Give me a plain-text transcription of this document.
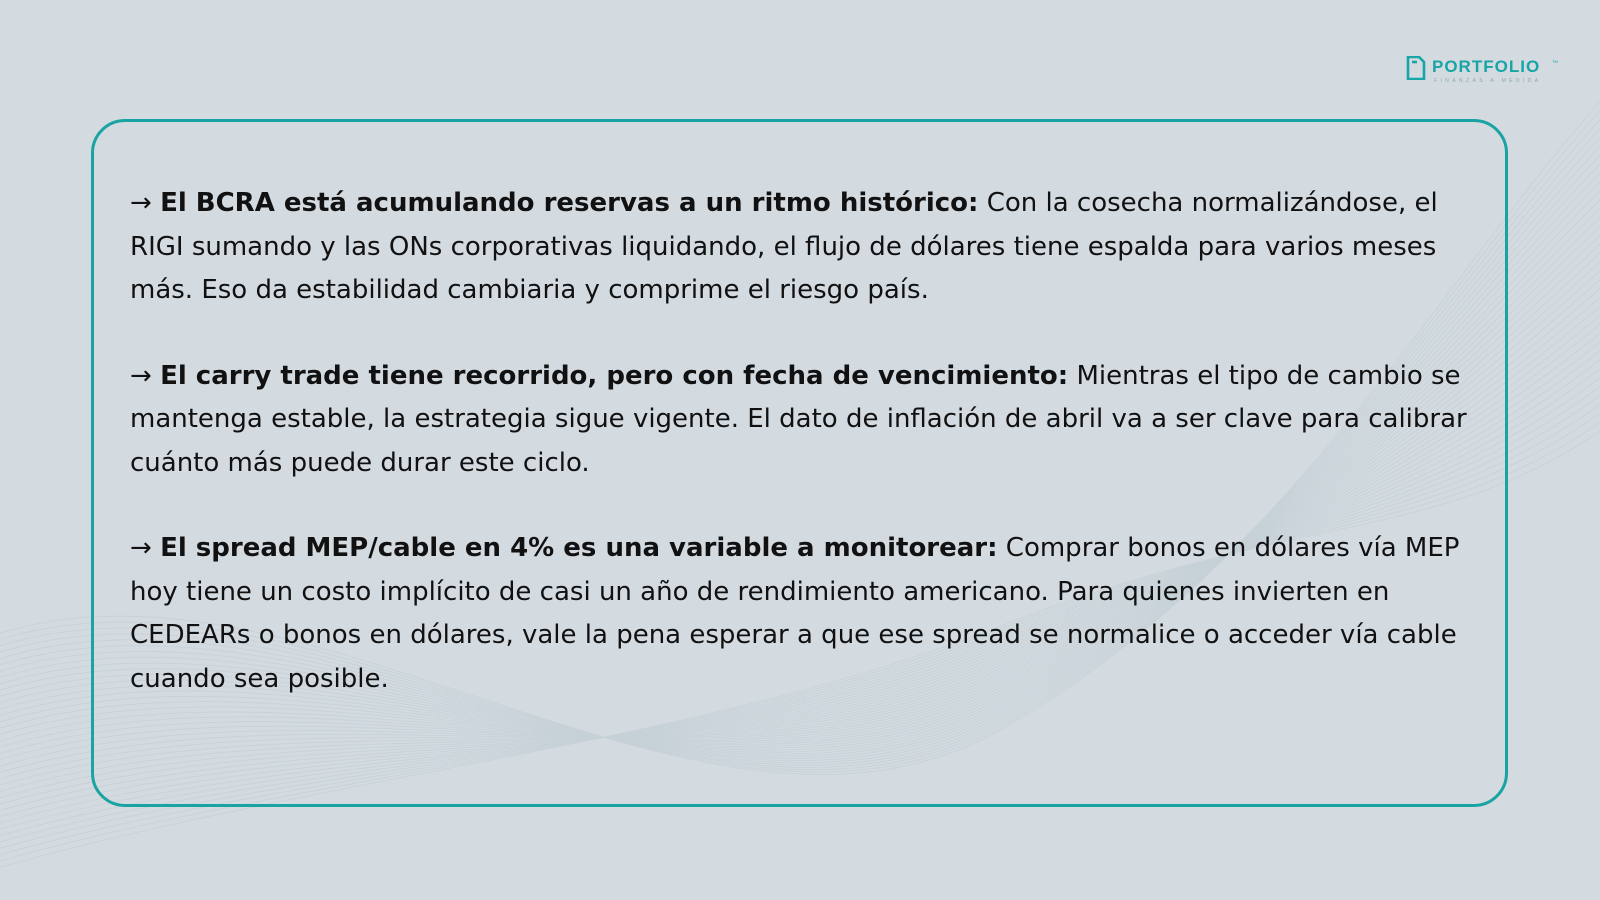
PORTFOLIO	TM
FINANZAS A MEDIDA

→ El BCRA está acumulando reservas a un ritmo histórico: Con la cosecha normalizándose, el RIGI sumando y las ONs corporativas liquidando, el flujo de dólares tiene espalda para varios meses más. Eso da estabilidad cambiaria y comprime el riesgo país.

→ El carry trade tiene recorrido, pero con fecha de vencimiento: Mientras el tipo de cambio se mantenga estable, la estrategia sigue vigente. El dato de inflación de abril va a ser clave para calibrar cuánto más puede durar este ciclo.

→ El spread MEP/cable en 4% es una variable a monitorear: Comprar bonos en dólares vía MEP hoy tiene un costo implícito de casi un año de rendimiento americano. Para quienes invierten en CEDEARs o bonos en dólares, vale la pena esperar a que ese spread se normalice o acceder vía cable cuando sea posible.
